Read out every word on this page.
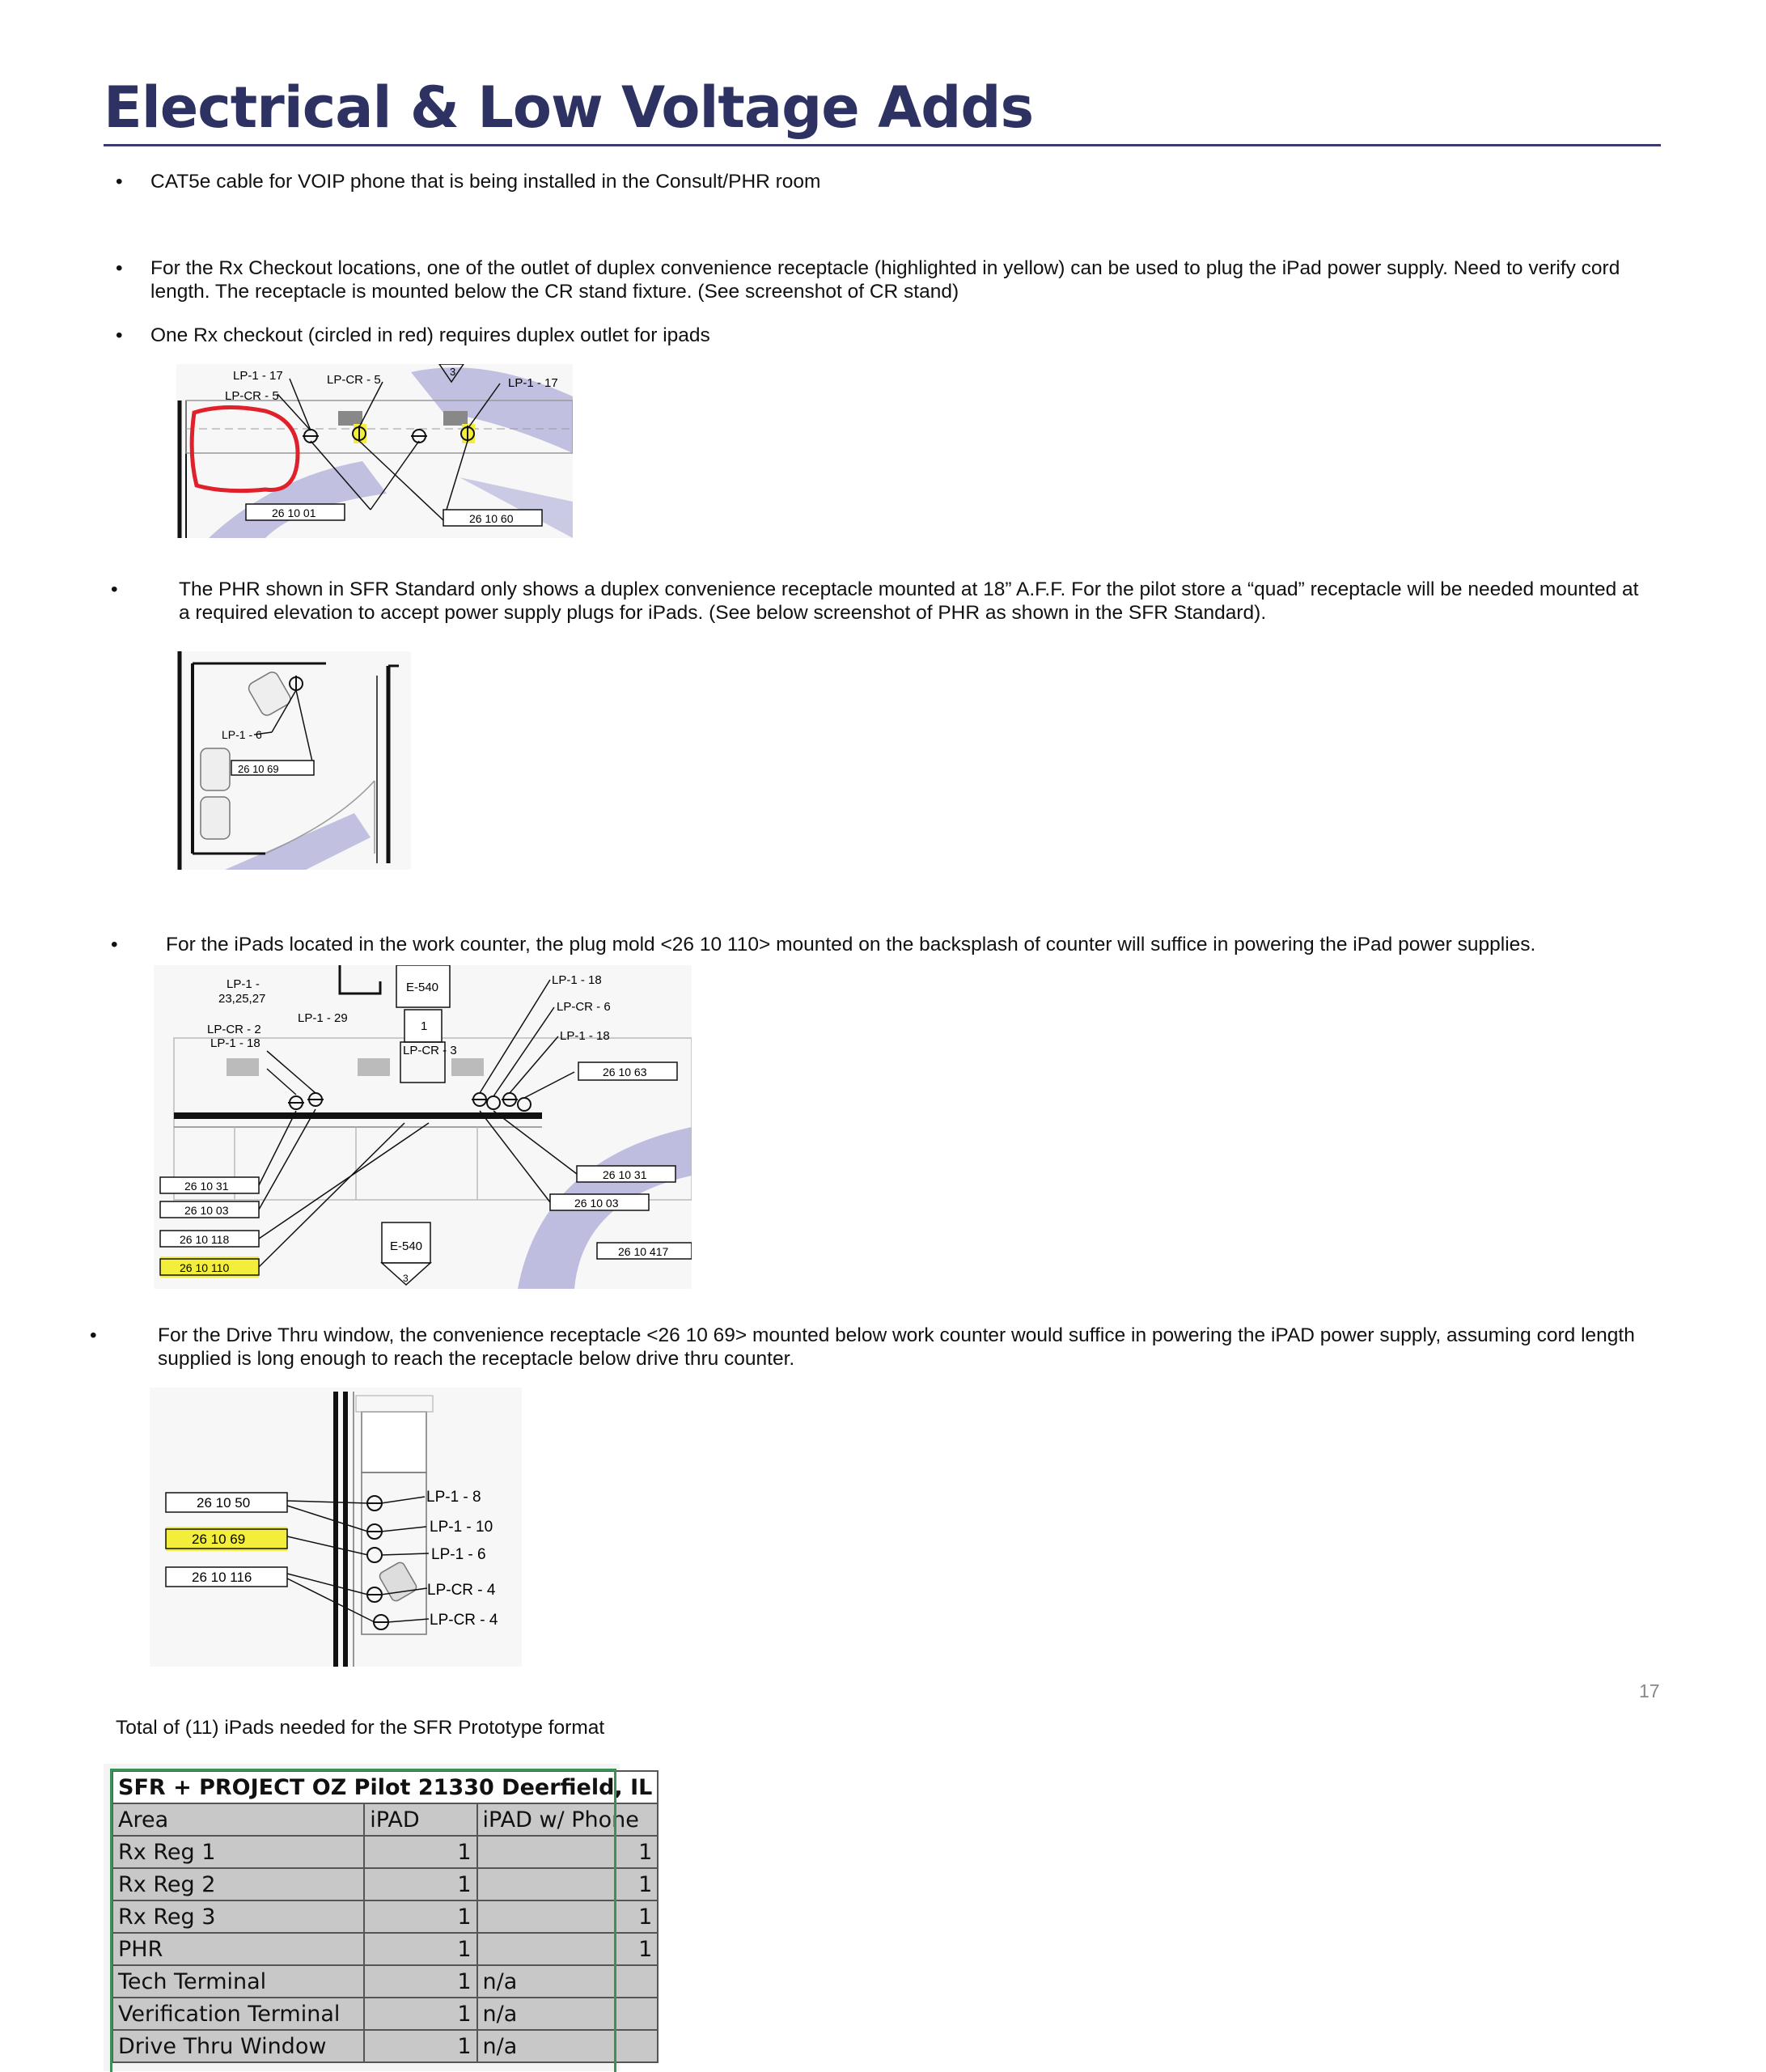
Electrical & Low Voltage Adds
• CAT5e cable for VOIP phone that is being installed in the Consult/PHR room
• For the Rx Checkout locations, one of the outlet of duplex convenience receptacle (highlighted in yellow) can be used to plug the iPad power supply. Need to verify cord length. The receptacle is mounted below the CR stand fixture. (See screenshot of CR stand)
• One Rx checkout (circled in red) requires duplex outlet for ipads
3
LP-1 - 17
LP-CR - 5
LP-CR - 5	LP-1 - 17
26 10 01	26 10 60
•	The PHR shown in SFR Standard only shows a duplex convenience receptacle mounted at 18” A.F.F. For the pilot store a “quad” receptacle will be needed mounted at a required elevation to accept power supply plugs for iPads. (See below screenshot of PHR as shown in the SFR Standard).
LP-1 - 6
26 10 69
• For the iPads located in the work counter, the plug mold <26 10 110> mounted on the backsplash of counter will suffice in powering the iPad power supplies.
LP-1 -
23,25,27
LP-1 - 29
E-540
1
LP-CR - 2
LP-1 - 18
LP-CR - 3
LP-1 - 18
LP-CR - 6
LP-1 - 18
26 10 63
26 10 31
26 10 03
26 10 118
26 10 110
E-540
3
26 10 31
26 10 03
26 10 417
•	For the Drive Thru window, the convenience receptacle <26 10 69> mounted below work counter would suffice in powering the iPAD power supply, assuming cord length supplied is long enough to reach the receptacle below drive thru counter.
26 10 50
26 10 69
26 10 116
LP-1 - 8
LP-1 - 10
LP-1 - 6
LP-CR - 4
LP-CR - 4
17
Total of (11) iPads needed for the SFR Prototype format
SFR + PROJECT OZ Pilot 21330 Deerfield, IL		
Area	iPAD	iPAD w/ Phone
Rx Reg 1	1	1
Rx Reg 2	1	1
Rx Reg 3	1	1
PHR	1	1
Tech Terminal	1	n/a
Verification Terminal	1	n/a
Drive Thru Window	1	n/a
